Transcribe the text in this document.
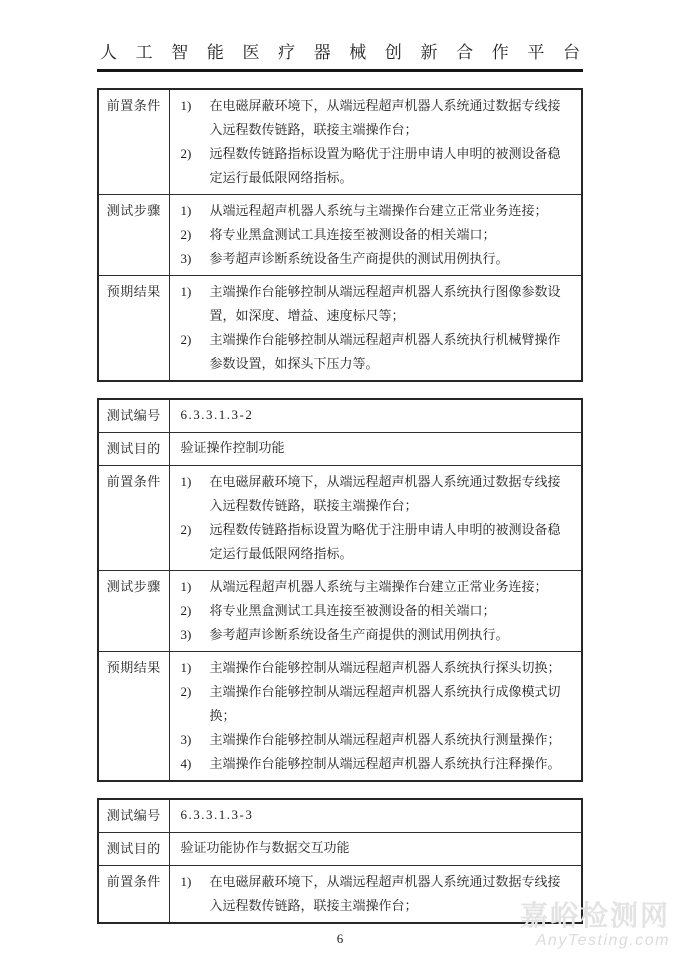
人工智能医疗器械创新合作平台
前置条件	1) 在电磁屏蔽环境下，从端远程超声机器人系统通过数据专线接入远程数传链路，联接主端操作台；
2) 远程数传链路指标设置为略优于注册申请人申明的被测设备稳定运行最低限网络指标。

测试步骤	1)	从端远程超声机器人系统与主端操作台建立正常业务连接；
2)	将专业黑盒测试工具连接至被测设备的相关端口；
3)	参考超声诊断系统设备生产商提供的测试用例执行。

预期结果	1) 主端操作台能够控制从端远程超声机器人系统执行图像参数设置，如深度、增益、速度标尺等；
2) 主端操作台能够控制从端远程超声机器人系统执行机械臂操作参数设置，如探头下压力等。
测试编号	6.3.3.1.3-2
测试目的	验证操作控制功能
前置条件	1) 在电磁屏蔽环境下，从端远程超声机器人系统通过数据专线接入远程数传链路，联接主端操作台；
2) 远程数传链路指标设置为略优于注册申请人申明的被测设备稳定运行最低限网络指标。

测试步骤	1)	从端远程超声机器人系统与主端操作台建立正常业务连接；
2)	将专业黑盒测试工具连接至被测设备的相关端口；
3)	参考超声诊断系统设备生产商提供的测试用例执行。

预期结果	1)	主端操作台能够控制从端远程超声机器人系统执行探头切换；
2)	主端操作台能够控制从端远程超声机器人系统执行成像模式切换；
3)	主端操作台能够控制从端远程超声机器人系统执行测量操作；
4)	主端操作台能够控制从端远程超声机器人系统执行注释操作。
测试编号	6.3.3.1.3-3
测试目的	验证功能协作与数据交互功能
前置条件	1) 在电磁屏蔽环境下，从端远程超声机器人系统通过数据专线接入远程数传链路，联接主端操作台；
6
嘉峪检测网
AnyTesting.com
